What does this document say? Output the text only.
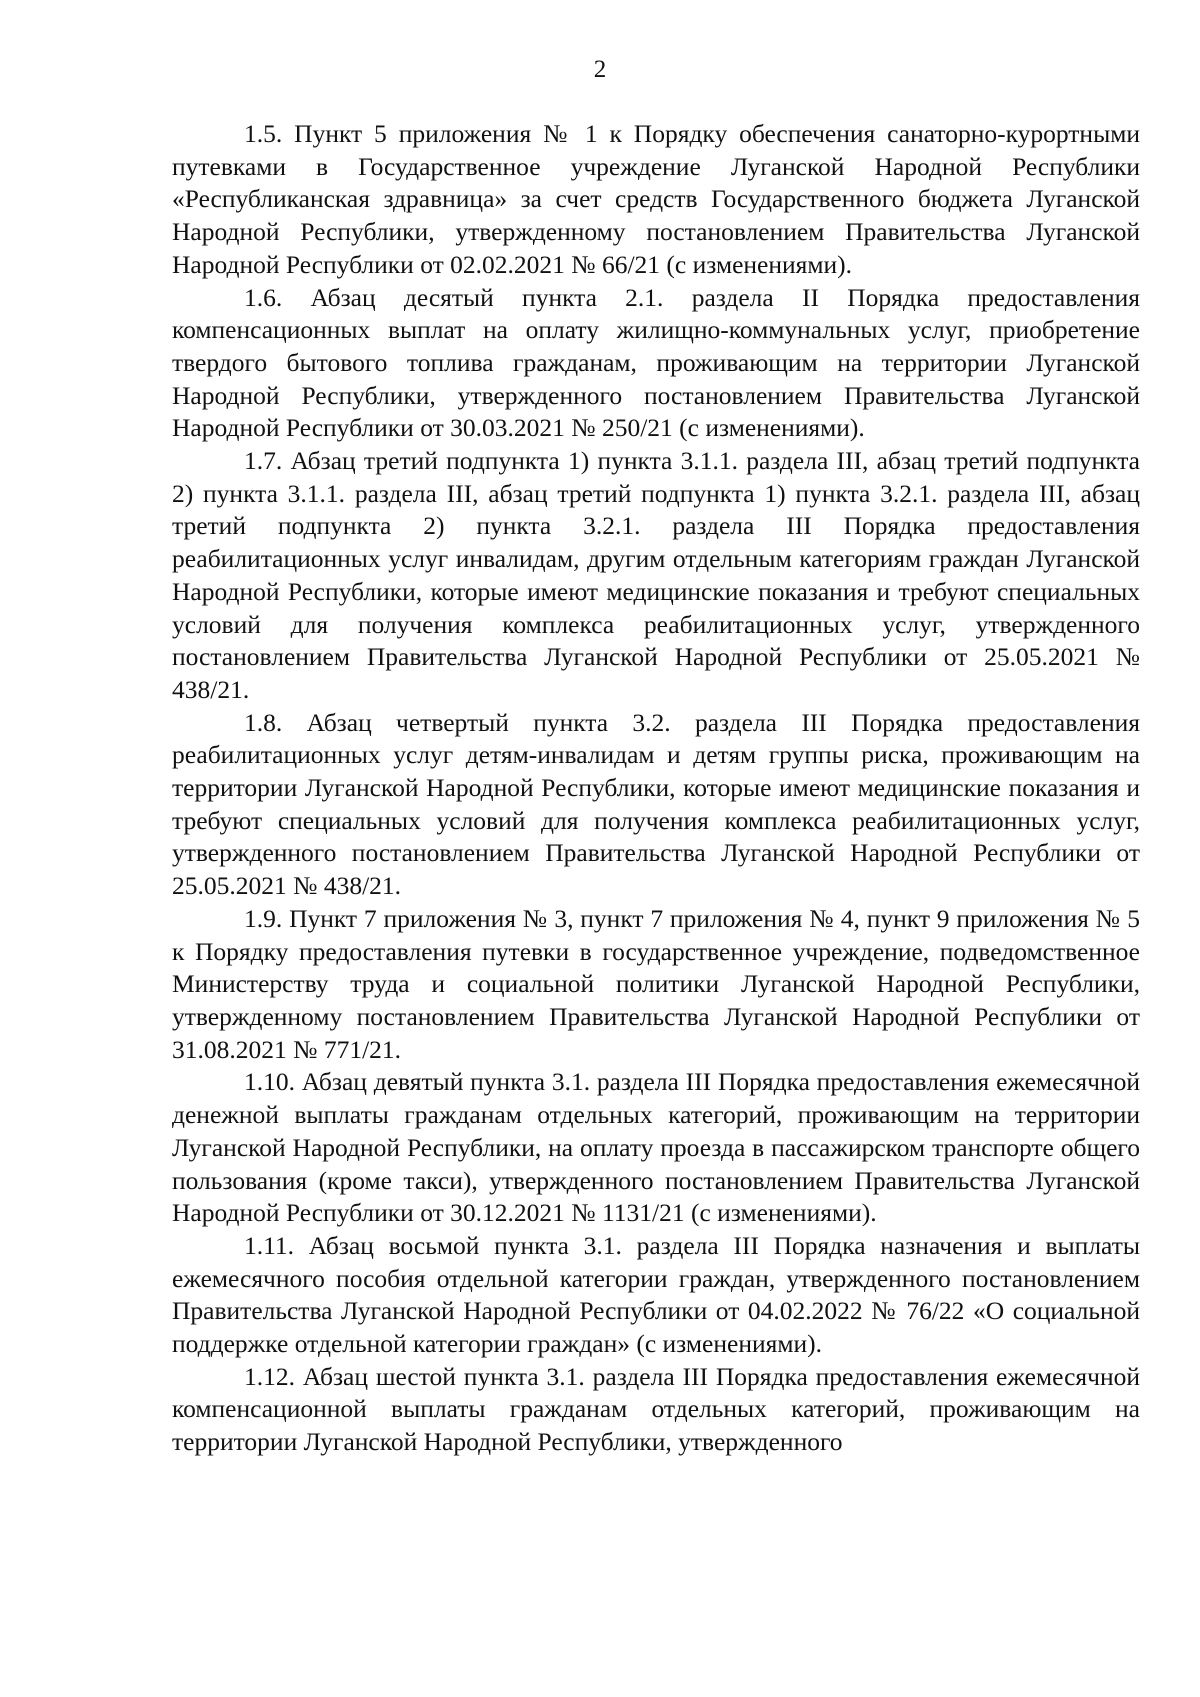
2

1.5. Пункт 5 приложения № 1 к Порядку обеспечения санаторно-курортными путевками в Государственное учреждение Луганской Народной Республики «Республиканская здравница» за счет средств Государственного бюджета Луганской Народной Республики, утвержденному постановлением Правительства Луганской Народной Республики от 02.02.2021 № 66/21 (с изменениями).

1.6. Абзац десятый пункта 2.1. раздела II Порядка предоставления компенсационных выплат на оплату жилищно-коммунальных услуг, приобретение твердого бытового топлива гражданам, проживающим на территории Луганской Народной Республики, утвержденного постановлением Правительства Луганской Народной Республики от 30.03.2021 № 250/21 (с изменениями).

1.7. Абзац третий подпункта 1) пункта 3.1.1. раздела III, абзац третий подпункта 2) пункта 3.1.1. раздела III, абзац третий подпункта 1) пункта 3.2.1. раздела III, абзац третий подпункта 2) пункта 3.2.1. раздела III Порядка предоставления реабилитационных услуг инвалидам, другим отдельным категориям граждан Луганской Народной Республики, которые имеют медицинские показания и требуют специальных условий для получения комплекса реабилитационных услуг, утвержденного постановлением Правительства Луганской Народной Республики от 25.05.2021 № 438/21.

1.8. Абзац четвертый пункта 3.2. раздела III Порядка предоставления реабилитационных услуг детям-инвалидам и детям группы риска, проживающим на территории Луганской Народной Республики, которые имеют медицинские показания и требуют специальных условий для получения комплекса реабилитационных услуг, утвержденного постановлением Правительства Луганской Народной Республики от 25.05.2021 № 438/21.

1.9. Пункт 7 приложения № 3, пункт 7 приложения № 4, пункт 9 приложения № 5 к Порядку предоставления путевки в государственное учреждение, подведомственное Министерству труда и социальной политики Луганской Народной Республики, утвержденному постановлением Правительства Луганской Народной Республики от 31.08.2021 № 771/21.

1.10. Абзац девятый пункта 3.1. раздела III Порядка предоставления ежемесячной денежной выплаты гражданам отдельных категорий, проживающим на территории Луганской Народной Республики, на оплату проезда в пассажирском транспорте общего пользования (кроме такси), утвержденного постановлением Правительства Луганской Народной Республики от 30.12.2021 № 1131/21 (с изменениями).

1.11. Абзац восьмой пункта 3.1. раздела III Порядка назначения и выплаты ежемесячного пособия отдельной категории граждан, утвержденного постановлением Правительства Луганской Народной Республики от 04.02.2022 № 76/22 «О социальной поддержке отдельной категории граждан» (с изменениями).

1.12. Абзац шестой пункта 3.1. раздела III Порядка предоставления ежемесячной компенсационной выплаты гражданам отдельных категорий, проживающим на территории Луганской Народной Республики, утвержденного
